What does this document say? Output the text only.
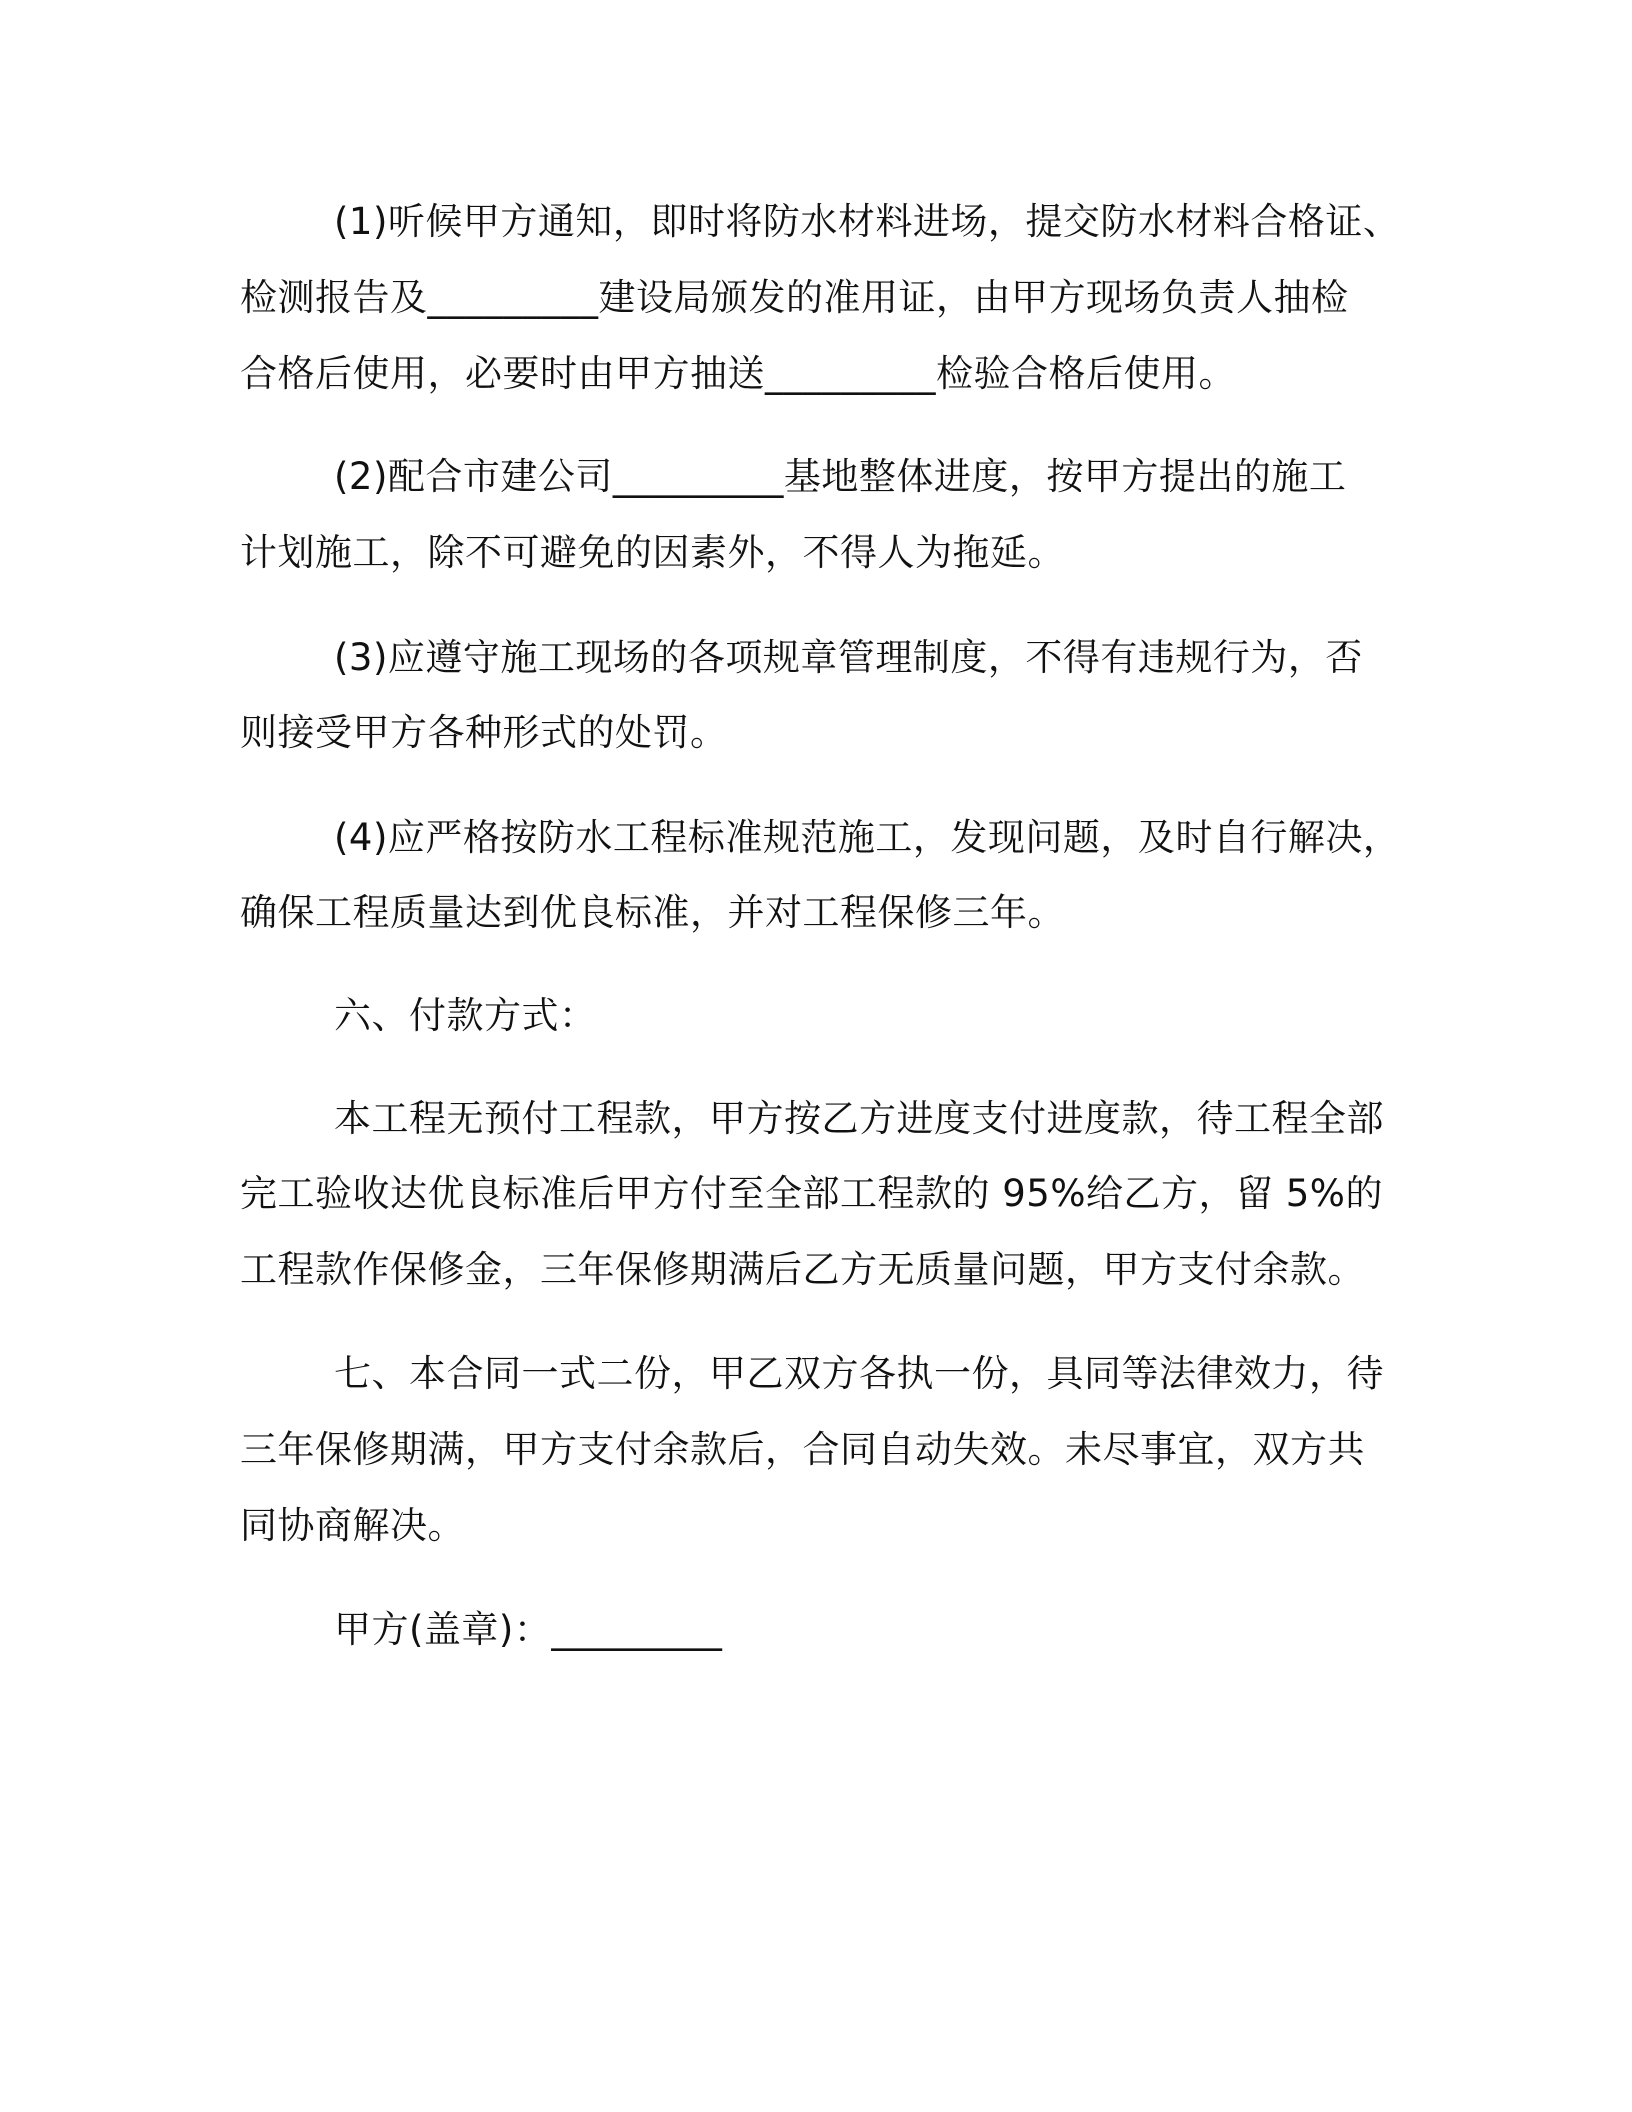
(1)听候甲方通知，即时将防水材料进场，提交防水材料合格证、
检测报告及_________建设局颁发的准用证，由甲方现场负责人抽检
合格后使用，必要时由甲方抽送_________检验合格后使用。
(2)配合市建公司_________基地整体进度，按甲方提出的施工
计划施工，除不可避免的因素外，不得人为拖延。
(3)应遵守施工现场的各项规章管理制度，不得有违规行为，否
则接受甲方各种形式的处罚。
(4)应严格按防水工程标准规范施工，发现问题，及时自行解决，
确保工程质量达到优良标准，并对工程保修三年。
六、付款方式：
本工程无预付工程款，甲方按乙方进度支付进度款，待工程全部
完工验收达优良标准后甲方付至全部工程款的 95%给乙方，留 5%的
工程款作保修金，三年保修期满后乙方无质量问题，甲方支付余款。
七、本合同一式二份，甲乙双方各执一份，具同等法律效力，待
三年保修期满，甲方支付余款后，合同自动失效。未尽事宜，双方共
同协商解决。
甲方(盖章)：_________
